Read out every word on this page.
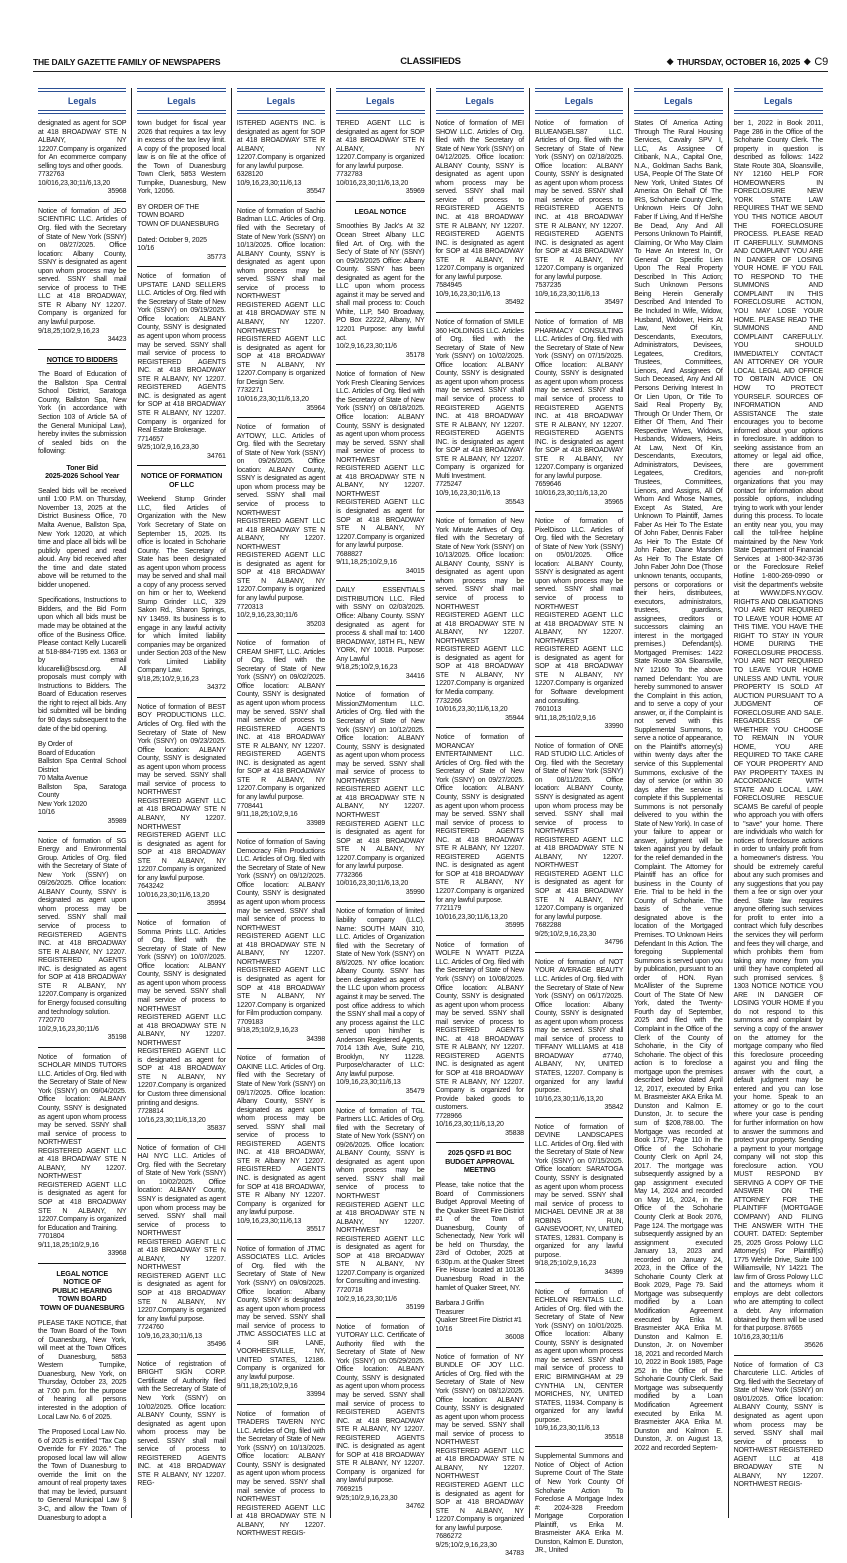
THE DAILY GAZETTE FAMILY OF NEWSPAPERS	CLASSIFIEDS	◆ THURSDAY, OCTOBER 16, 2025 ◆ C9
Legals

designated as agent for SOP at 418 BROADWAY STE N ALBANY, NY 12207.Company is organized for An ecommerce company selling toys and other goods.
7732763
10/016,23,30;11/6,13,20

35968

Notice of formation of JEO SCIENTIFIC LLC. Articles of Org. filed with the Secretary of State of New York (SSNY) on 08/27/2025. Office location: Albany County, SSNY is designated as agent upon whom process may be served. SSNY shall mail service of process to THE LLC at 418 BROADWAY, STE R Albany NY 12207. Company is organized for any lawful purpose.
9/18,25;10/2,9,16,23

34423
NOTICE TO BIDDERS

The Board of Education of the Ballston Spa Central School District, Saratoga County, Ballston Spa, New York (in accordance with Section 103 of Article 5A of the General Municipal Law), hereby invites the submission of sealed bids on the following:

Toner Bid
2025-2026 School Year

Sealed bids will be received until 1:00 P.M. on Thursday, November 13, 2025 at the District Business Office, 70 Malta Avenue, Ballston Spa, New York 12020, at which time and place all bids will be publicly opened and read aloud. Any bid received after the time and date stated above will be returned to the bidder unopened.

Specifications, Instructions to Bidders, and the Bid Form upon which all bids must be made may be obtained at the office of the Business Office. Please contact Kelly Lucarelli at 518-884-7195 ext. 1363 or by email klucarelli@bscsd.org. All proposals must comply with Instructions to Bidders. The Board of Education reserves the right to reject all bids. Any bid submitted will be binding for 90 days subsequent to the date of the bid opening.

By Order of
Board of Education
Ballston Spa Central School District
70 Malta Avenue
Ballston Spa, Saratoga County
New York 12020
10/16

35989

Notice of formation of SG Energy and Environmental Group. Articles of Org. filed with the Secretary of State of New York (SSNY) on 09/26/2025. Office location: ALBANY County, SSNY is designated as agent upon whom process may be served. SSNY shall mail service of process to REGISTERED AGENTS INC. at 418 BROADWAY STE R ALBANY, NY 12207. REGISTERED AGENTS INC. is designated as agent for SOP at 418 BROADWAY STE R ALBANY, NY 12207.Company is organized for Energy focused consulting and technology solution.
7720770
10/2,9,16,23,30;11/6

35198

Notice of formation of SCHOLAR MINDS TUTORS LLC. Articles of Org. filed with the Secretary of State of New York (SSNY) on 09/04/2025. Office location: ALBANY County, SSNY is designated as agent upon whom process may be served. SSNY shall mail service of process to NORTHWEST REGISTERED AGENT LLC at 418 BROADWAY STE N ALBANY, NY 12207. NORTHWEST REGISTERED AGENT LLC is designated as agent for SOP at 418 BROADWAY STE N ALBANY, NY 12207.Company is organized for Education and Training.
7701804
9/11,18,25;10/2,9,16

33968
LEGAL NOTICE
NOTICE OF
PUBLIC HEARING
TOWN BOARD
TOWN OF DUANESBURG

PLEASE TAKE NOTICE, that the Town Board of the Town of Duanesburg, New York, will meet at the Town Offices of Duanesburg, 5853 Western Turnpike, Duanesburg, New York, on Thursday, October 23, 2025 at 7:00 p.m. for the purpose of hearing all persons interested in the adoption of Local Law No. 6 of 2025.

The Proposed Local Law No. 6 of 2025 is entitled "Tax Cap Override for FY 2026." The proposed local law will allow the Town of Duanesburg to override the limit on the amount of real property taxes that may be levied, pursuant to General Municipal Law § 3-C, and allow the Town of Duanesburg to adopt a

Legals

town budget for fiscal year 2026 that requires a tax levy in excess of the tax levy limit. A copy of the proposed local law is on file at the office of the Town of Duanesburg Town Clerk, 5853 Western Turnpike, Duanesburg, New York, 12056.

BY ORDER OF THE
TOWN BOARD
TOWN OF DUANESBURG

Dated: October 9, 2025
10/16

35773

Notice of formation of UPSTATE LAND SELLERS LLC. Articles of Org. filed with the Secretary of State of New York (SSNY) on 09/19/2025. Office location: ALBANY County, SSNY is designated as agent upon whom process may be served. SSNY shall mail service of process to REGISTERED AGENTS INC. at 418 BROADWAY STE R ALBANY, NY 12207. REGISTERED AGENTS INC. is designated as agent for SOP at 418 BROADWAY STE R ALBANY, NY 12207. Company is organized for Real Estate Brokerage.
7714657
9/25;10/2,9,16,23,30

34761
NOTICE OF FORMATION
OF LLC

Weekend Stump Grinder LLC, filed Articles of Organization with the New York Secretary of State on September 15, 2025. Its office is located in Schoharie County. The Secretary of State has been designated as agent upon whom process may be served and shall mail a copy of any process served on him or her to, Weekend Stump Grinder LLC, 329 Sakon Rd., Sharon Springs, NY 13459. Its business is to engage in any lawful activity for which limited liability companies may be organized under Section 203 of the New York Limited Liability Company Law.
9/18,25;10/2,9,16,23

34372

Notice of formation of BEST BOY PRODUCTIONS LLC. Articles of Org. filed with the Secretary of State of New York (SSNY) on 09/23/2025. Office location: ALBANY County, SSNY is designated as agent upon whom process may be served. SSNY shall mail service of process to NORTHWEST REGISTERED AGENT LLC at 418 BROADWAY STE N ALBANY, NY 12207. NORTHWEST REGISTERED AGENT LLC is designated as agent for SOP at 418 BROADWAY STE N ALBANY, NY 12207.Company is organized for any lawful purpose.
7643242
10/016,23,30;11/6,13,20

35994

Notice of formation of Somma Prints LLC. Articles of Org. filed with the Secretary of State of New York (SSNY) on 10/07/2025. Office location: ALBANY County, SSNY is designated as agent upon whom process may be served. SSNY shall mail service of process to NORTHWEST REGISTERED AGENT LLC at 418 BROADWAY STE N ALBANY, NY 12207. NORTHWEST REGISTERED AGENT LLC is designated as agent for SOP at 418 BROADWAY STE N ALBANY, NY 12207.Company is organized for Custom three dimensional printing and designs.
7728814
10/16,23,30;11/6,13,20

35837

Notice of formation of CHI HAI NYC LLC. Articles of Org. filed with the Secretary of State of New York (SSNY) on 10/02/2025. Office location: ALBANY County, SSNY is designated as agent upon whom process may be served. SSNY shall mail service of process to NORTHWEST REGISTERED AGENT LLC at 418 BROADWAY STE N ALBANY, NY 12207. NORTHWEST REGISTERED AGENT LLC is designated as agent for SOP at 418 BROADWAY STE N ALBANY, NY 12207.Company is organized for any lawful purpose.
7724760
10/9,16,23,30;11/6,13

35496

Notice of registration of BRIGHT SIGN CORP. Certificate of Authority filed with the Secretary of State of New York (SSNY) on 10/02/2025. Office location: ALBANY County, SSNY is designated as agent upon whom process may be served. SSNY shall mail service of process to REGISTERED AGENTS INC. at 418 BROADWAY STE R ALBANY, NY 12207. REG-

Legals

ISTERED AGENTS INC. is designated as agent for SOP at 418 BROADWAY STE R ALBANY, NY 12207.Company is organized for any lawful purpose.
6328120
10/9,16,23,30;11/6,13

35547

Notice of formation of Sachio Badman LLC. Articles of Org. filed with the Secretary of State of New York (SSNY) on 10/13/2025. Office location: ALBANY County, SSNY is designated as agent upon whom process may be served. SSNY shall mail service of process to NORTHWEST REGISTERED AGENT LLC at 418 BROADWAY STE N ALBANY, NY 12207. NORTHWEST REGISTERED AGENT LLC is designated as agent for SOP at 418 BROADWAY STE N ALBANY, NY 12207.Company is organized for Design Serv.
7732271
10/016,23,30;11/6,13,20

35964

Notice of formation of AYTOWY, LLC. Articles of Org. filed with the Secretary of State of New York (SSNY) on 09/26/2025. Office location: ALBANY County, SSNY is designated as agent upon whom process may be served. SSNY shall mail service of process to NORTHWEST REGISTERED AGENT LLC at 418 BROADWAY STE N ALBANY, NY 12207. NORTHWEST REGISTERED AGENT LLC is designated as agent for SOP at 418 BROADWAY STE N ALBANY, NY 12207.Company is organized for any lawful purpose.
7720313
10/2,9,16,23,30;11/6

35203

Notice of formation of CREAM SHIFT, LLC. Articles of Org. filed with the Secretary of State of New York (SSNY) on 09/02/2025. Office location: ALBANY County, SSNY is designated as agent upon whom process may be served. SSNY shall mail service of process to REGISTERED AGENTS INC. at 418 BROADWAY STE R ALBANY, NY 12207. REGISTERED AGENTS INC. is designated as agent for SOP at 418 BROADWAY STE R ALBANY, NY 12207.Company is organized for any lawful purpose.
7708441
9/11,18,25;10/2,9,16

33989

Notice of formation of Saving Democracy Film Productions LLC. Articles of Org. filed with the Secretary of State of New York (SSNY) on 09/12/2025. Office location: ALBANY County, SSNY is designated as agent upon whom process may be served. SSNY shall mail service of process to NORTHWEST REGISTERED AGENT LLC at 418 BROADWAY STE N ALBANY, NY 12207. NORTHWEST REGISTERED AGENT LLC is designated as agent for SOP at 418 BROADWAY STE N ALBANY, NY 12207.Company is organized for Film production company.
7709183
9/18,25;10/2,9,16,23

34398

Notice of formation of OAKINE LLC. Articles of Org. filed with the Secretary of State of New York (SSNY) on 09/17/2025. Office location: Albany County, SSNY is designated as agent upon whom process may be served. SSNY shall mail service of process to REGISTERED AGENTS INC. at 418 BROADWAY, STE R Albany NY 12207. REGISTERED AGENTS INC. is designated as agent for SOP at 418 BROADWAY, STE R Albany NY 12207. Company is organized for any lawful purpose.
10/9,16,23,30;11/6,13

35517

Notice of formation of JTMC ASSOCIATES LLC. Articles of Org. filed with the Secretary of State of New York (SSNY) on 09/09/2025. Office location: Albany County, SSNY is designated as agent upon whom process may be served. SSNY shall mail service of process to JTMC ASSOCIATES LLC at 4 SIR LANE, VOORHEESVILLE, NY, UNITED STATES, 12186. Company is organized for any lawful purpose.
9/11,18,25;10/2,9,16

33994

Notice of formation of TRADERS TAVERN NYC LLC. Articles of Org. filed with the Secretary of State of New York (SSNY) on 10/13/2025. Office location: ALBANY County, SSNY is designated as agent upon whom process may be served. SSNY shall mail service of process to NORTHWEST REGISTERED AGENT LLC at 418 BROADWAY STE N ALBANY, NY 12207. NORTHWEST REGIS-

Legals

TERED AGENT LLC is designated as agent for SOP at 418 BROADWAY STE N ALBANY, NY 12207.Company is organized for any lawful purpose.
7732783
10/016,23,30;11/6,13,20

35969
LEGAL NOTICE

Smoothies By Jack's At 32 Ocean Street Albany LLC filed Art. of Org. with the Sec'y of State of NY (SSNY) on 09/26/2025 Office: Albany County. SSNY has been designated as agent for the LLC upon whom process against it may be served and shall mail process to: Couch White, LLP, 540 Broadway, PO Box 22222, Albany, NY 12201 Purpose: any lawful act.
10/2,9,16,23,30;11/6

35178

Notice of formation of New York Fresh Cleaning Services LLC. Articles of Org. filed with the Secretary of State of New York (SSNY) on 08/18/2025. Office location: ALBANY County, SSNY is designated as agent upon whom process may be served. SSNY shall mail service of process to NORTHWEST REGISTERED AGENT LLC at 418 BROADWAY STE N ALBANY, NY 12207. NORTHWEST REGISTERED AGENT LLC is designated as agent for SOP at 418 BROADWAY STE N ALBANY, NY 12207.Company is organized for any lawful purpose.
7688827
9/11,18,25;10/2,9,16

34015

DAILY ESSENTIALS DISTRIBUTION LLC. Filed with SSNY on 02/03/2025. Office: Albany County. SSNY designated as agent for process & shall mail to: 1400 BROADWAY, 18TH FL, NEW YORK, NY 10018. Purpose: Any Lawful
9/18,25;10/2,9,16,23

34416

Notice of formation of MissionZMomentum LLC. Articles of Org. filed with the Secretary of State of New York (SSNY) on 10/12/2025. Office location: ALBANY County, SSNY is designated as agent upon whom process may be served. SSNY shall mail service of process to NORTHWEST REGISTERED AGENT LLC at 418 BROADWAY STE N ALBANY, NY 12207. NORTHWEST REGISTERED AGENT LLC is designated as agent for SOP at 418 BROADWAY STE N ALBANY, NY 12207.Company is organized for any lawful purpose.
7732366
10/016,23,30;11/6,13,20

35990

Notice of formation of limited liability company (LLC). Name: SOUTH MAIN 310, LLC. Articles of Organization filed with the Secretary of State of New York (SSNY) on 8/6/2025. NY office location: Albany County. SSNY has been designated as agent of the LLC upon whom process against it may be served. The post office address to which the SSNY shall mail a copy of any process against the LLC served upon him/her is Anderson Registered Agents, 7014 13th Ave, Suite 210, Brooklyn, NY 11228. Purpose/character of LLC: Any lawful purpose.
10/9,16,23,30;11/6,13

35479

Notice of formation of TGL Partners LLC. Articles of Org. filed with the Secretary of State of New York (SSNY) on 09/26/2025. Office location: ALBANY County, SSNY is designated as agent upon whom process may be served. SSNY shall mail service of process to NORTHWEST REGISTERED AGENT LLC at 418 BROADWAY STE N ALBANY, NY 12207. NORTHWEST REGISTERED AGENT LLC is designated as agent for SOP at 418 BROADWAY STE N ALBANY, NY 12207.Company is organized for Consulting and investing.
7720718
10/2,9,16,23,30;11/6

35199

Notice of formation of YUTORAY LLC. Certificate of Authority filed with the Secretary of State of New York (SSNY) on 05/29/2025. Office location: ALBANY County, SSNY is designated as agent upon whom process may be served. SSNY shall mail service of process to REGISTERED AGENTS INC. at 418 BROADWAY STE R ALBANY, NY 12207. REGISTERED AGENTS INC. is designated as agent for SOP at 418 BROADWAY STE R ALBANY, NY 12207. Company is organized for any lawful purpose.
7669215
9/25;10/2,9,16,23,30

34762
Legals

Notice of formation of MEI SHOW LLC. Articles of Org. filed with the Secretary of State of New York (SSNY) on 04/12/2025. Office location: ALBANY County, SSNY is designated as agent upon whom process may be served. SSNY shall mail service of process to REGISTERED AGENTS INC. at 418 BROADWAY STE R ALBANY, NY 12207. REGISTERED AGENTS INC. is designated as agent for SOP at 418 BROADWAY STE R ALBANY, NY 12207.Company is organized for any lawful purpose.
7584945
10/9,16,23,30;11/6,13

35492

Notice of formation of SMILE 360 HOLDINGS LLC. Articles of Org. filed with the Secretary of State of New York (SSNY) on 10/02/2025. Office location: ALBANY County, SSNY is designated as agent upon whom process may be served. SSNY shall mail service of process to REGISTERED AGENTS INC. at 418 BROADWAY STE R ALBANY, NY 12207. REGISTERED AGENTS INC. is designated as agent for SOP at 418 BROADWAY STE R ALBANY, NY 12207. Company is organized for Multi Investment.
7725247
10/9,16,23,30;11/6,13

35543

Notice of formation of New York Minute Artives of Org. filed with the Secretary of State of New York (SSNY) on 10/13/2025. Office location: ALBANY County, SSNY is designated as agent upon whom process may be served. SSNY shall mail service of process to NORTHWEST REGISTERED AGENT LLC at 418 BROADWAY STE N ALBANY, NY 12207. NORTHWEST REGISTERED AGENT LLC is designated as agent for SOP at 418 BROADWAY STE N ALBANY, NY 12207.Company is organized for Media company.
7732266
10/016,23,30;11/6,13,20

35944

Notice of formation of MORANCAY ENTERTAINMENT LLC. Articles of Org. filed with the Secretary of State of New York (SSNY) on 09/27/2025. Office location: ALBANY County, SSNY is designated as agent upon whom process may be served. SSNY shall mail service of process to REGISTERED AGENTS INC. at 418 BROADWAY STE R ALBANY, NY 12207. REGISTERED AGENTS INC. is designated as agent for SOP at 418 BROADWAY STE R ALBANY, NY 12207.Company is organized for any lawful purpose.
7721179
10/016,23,30;11/6,13,20

35995

Notice of formation of WOLFE N WYATT PIZZA LLC. Articles of Org. filed with the Secretary of State of New York (SSNY) on 10/08/2025. Office location: ALBANY County, SSNY is designated as agent upon whom process may be served. SSNY shall mail service of process to REGISTERED AGENTS INC. at 418 BROADWAY STE R ALBANY, NY 12207. REGISTERED AGENTS INC. is designated as agent for SOP at 418 BROADWAY STE R ALBANY, NY 12207. Company is organized for Provide baked goods to customers.
7728966
10/16,23,30;11/6,13,20

35838
2025 QSFD #1 BOC
BUDGET APPROVAL
MEETING

Please, take notice that the Board of Commissioners Budget Approval Meeting of the Quaker Street Fire District #1 of the Town of Duanesburg, County of Schenectady, New York will be held on Thursday, the 23rd of October, 2025 at 6:30p.m. at the Quaker Street Fire House located at 10136 Duanesburg Road in the hamlet of Quaker Street, NY.

Barbara J Griffin
Treasurer
Quaker Street Fire District #1
10/16

36008

Notice of formation of NY BUNDLE OF JOY LLC. Articles of Org. filed with the Secretary of State of New York (SSNY) on 08/12/2025. Office location: ALBANY County, SSNY is designated as agent upon whom process may be served. SSNY shall mail service of process to NORTHWEST REGISTERED AGENT LLC at 418 BROADWAY STE N ALBANY, NY 12207. NORTHWEST REGISTERED AGENT LLC is designated as agent for SOP at 418 BROADWAY STE N ALBANY, NY 12207.Company is organized for any lawful purpose.
7686272
9/25;10/2,9,16,23,30

34783
Legals

Notice of formation of BLUEANGELS87 LLC. Articles of Org. filed with the Secretary of State of New York (SSNY) on 02/18/2025. Office location: ALBANY County, SSNY is designated as agent upon whom process may be served. SSNY shall mail service of process to REGISTERED AGENTS INC. at 418 BROADWAY STE R ALBANY, NY 12207. REGISTERED AGENTS INC. is designated as agent for SOP at 418 BROADWAY STE R ALBANY, NY 12207.Company is organized for any lawful purpose.
7537235
10/9,16,23,30;11/6,13

35497

Notice of formation of MB PHARMACY CONSULTING LLC. Articles of Org. filed with the Secretary of State of New York (SSNY) on 07/15/2025. Office location: ALBANY County, SSNY is designated as agent upon whom process may be served. SSNY shall mail service of process to REGISTERED AGENTS INC. at 418 BROADWAY STE R ALBANY, NY 12207. REGISTERED AGENTS INC. is designated as agent for SOP at 418 BROADWAY STE R ALBANY, NY 12207.Company is organized for any lawful purpose.
7659646
10/016,23,30;11/6,13,20

35965

Notice of formation of PixelDisco LLC. Articles of Org. filed with the Secretary of State of New York (SSNY) on 05/01/2025. Office location: ALBANY County, SSNY is designated as agent upon whom process may be served. SSNY shall mail service of process to NORTHWEST REGISTERED AGENT LLC at 418 BROADWAY STE N ALBANY, NY 12207. NORTHWEST REGISTERED AGENT LLC is designated as agent for SOP at 418 BROADWAY STE N ALBANY, NY 12207.Company is organized for Software development and consulting.
7601013
9/11,18,25;10/2,9,16

33990

Notice of formation of ONE RAD STUDIO LLC. Articles of Org. filed with the Secretary of State of New York (SSNY) on 08/11/2025. Office location: ALBANY County, SSNY is designated as agent upon whom process may be served. SSNY shall mail service of process to NORTHWEST REGISTERED AGENT LLC at 418 BROADWAY STE N ALBANY, NY 12207. NORTHWEST REGISTERED AGENT LLC is designated as agent for SOP at 418 BROADWAY STE N ALBANY, NY 12207.Company is organized for any lawful purpose.
7682288
9/25;10/2,9,16,23,30

34796

Notice of formation of NOT YOUR AVERAGE BEAUTY LLC. Articles of Org. filed with the Secretary of State of New York (SSNY) on 06/17/2025. Office location: Albany County, SSNY is designated as agent upon whom process may be served. SSNY shall mail service of process to TIFFANY WILLIAMS at 418 BROADWAY #7740, ALBANY, NY, UNITED STATES, 12207. Company is organized for any lawful purpose.
10/16,23,30;11/6,13,20

35842

Notice of formation of DEVINE LANDSCAPES LLC. Articles of Org. filed with the Secretary of State of New York (SSNY) on 07/15/2025. Office location: SARATOGA County, SSNY is designated as agent upon whom process may be served. SSNY shall mail service of process to MICHAEL DEVINE JR at 38 ROBINS RUN, GANSEVOORT, NY, UNITED STATES, 12831. Company is organized for any lawful purpose.
9/18,25;10/2,9,16,23

34399

Notice of formation of ECHELON RENTALS LLC. Articles of Org. filed with the Secretary of State of New York (SSNY) on 10/01/2025. Office location: Albany County, SSNY is designated as agent upon whom process may be served. SSNY shall mail service of process to ERIC BIRMINGHAM at 29 CYNTHIA LN, CENTER MORICHES, NY, UNITED STATES, 11934. Company is organized for any lawful purpose.
10/9,16,23,30;11/6,13

35518

Supplemental Summons and Notice of Object of Action Supreme Court of The State of New York County Of Schoharie Action To Foreclose A Mortgage Index #: 2024-328 Freedom Mortgage Corporation Plaintiff, vs Erika M. Brasmeister AKA Erika M. Dunston, Kalmon E. Dunston, JR., United

Legals

States Of America Acting Through The Rural Housing Services, Cavalry SPV I, LLC, As Assignee Of Citibank, N.A., Capital One, N.A., Goldman Sachs Bank, USA, People Of The State Of New York, United States Of America On Behalf Of The IRS, Schoharie County Clerk, Unknown Heirs Of John Faber If Living, And If He/She Be Dead, Any And All Persons Unknown To Plaintiff, Claiming, Or Who May Claim To Have An Interest In, Or General Or Specific Lien Upon The Real Property Described In This Action; Such Unknown Persons Being Herein Generally Described And Intended To Be Included In Wife, Widow, Husband, Widower, Heirs At Law, Next Of Kin, Descendants, Executors, Administrators, Devisees, Legatees, Creditors, Trustees, Committees, Lienors, And Assignees Of Such Deceased, Any And All Persons Deriving Interest In Or Lien Upon, Or Title To Said Real Property By, Through Or Under Them, Or Either Of Them, And Their Respective Wives, Widows, Husbands, Widowers, Heirs At Law, Next Of Kin, Descendants, Executors, Administrators, Devisees, Legatees, Creditors, Trustees, Committees, Lienors, and Assigns, All Of Whom And Whose Names, Except As Stated, Are Unknown To Plaintiff, James Faber As Heir To The Estate Of John Faber, Dennis Faber As Heir To The Estate Of John Faber, Diane Marsden As Heir To The Estate Of John Faber John Doe (Those unknown tenants, occupants, persons or corporations or their heirs, distributees, executors, administrators, trustees, guardians, assignees, creditors or successors claiming an interest in the mortgaged premises.) Defendant(s). Mortgaged Premises: 1422 State Route 30A Sloansville, NY 12160 To the above named Defendant: You are hereby summoned to answer the Complaint in this action, and to serve a copy of your answer, or, if the Complaint is not served with this Supplemental Summons, to serve a notice of appearance, on the Plaintiff's attorney(s) within twenty days after the service of this Supplemental Summons, exclusive of the day of service (or within 30 days after the service is complete if this Supplemental Summons is not personally delivered to you within the State of New York). In case of your failure to appear or answer, judgment will be taken against you by default for the relief demanded in the Complaint. The Attorney for Plaintiff has an office for business in the County of Erie. Trial to be held in the County of Schoharie. The basis of the venue designated above is the location of the Mortgaged Premises. TO Unknown Heirs Defendant In this Action. The foregoing Supplemental Summons is served upon you by publication, pursuant to an order of HON. Ryan McAllister of the Supreme Court of The State Of New York, dated the Twenty-Fourth day of September, 2025 and filed with the Complaint in the Office of the Clerk of the County of Schoharie, in the City of Schoharie. The object of this action is to foreclose a mortgage upon the premises described below dated April 12, 2017, executed by Erika M. Brasmeister AKA Erika M. Dunston and Kalmon E. Dunston, Jr. to secure the sum of $208,788.00. The Mortgage was recorded at Book 1757, Page 110 in the Office of the Schoharie County Clerk on April 24, 2017. The mortgage was subsequently assigned by a gap assignment executed May 14, 2024 and recorded on May 16, 2024, in the Office of the Schoharie County Clerk at Book 2076, Page 124. The mortgage was subsequently assigned by an assignment executed January 13, 2023 and recorded on January 24, 2023, in the Office of the Schoharie County Clerk at Book 2029, Page 79. Said Mortgage was subsequently modified by a Loan Modification Agreement executed by Erika M. Brasmeister AKA Erika M. Dunston and Kalmon E. Dunston, Jr. on November 18, 2021 and recorded March 10, 2022 in Book 1985, Page 252 in the Office of the Schoharie County Clerk. Said Mortgage was subsequently modified by a Loan Modification Agreement executed by Erika M. Brasmeister AKA Erika M. Dunston and Kalmon E. Dunston, Jr. on August 13, 2022 and recorded Septem-

Legals

ber 1, 2022 in Book 2011, Page 286 in the Office of the Schoharie County Clerk. The property in question is described as follows: 1422 State Route 30A, Sloansville, NY 12160 HELP FOR HOMEOWNERS IN FORECLOSURE NEW YORK STATE LAW REQUIRES THAT WE SEND YOU THIS NOTICE ABOUT THE FORECLOSURE PROCESS. PLEASE READ IT CAREFULLY. SUMMONS AND COMPLAINT YOU ARE IN DANGER OF LOSING YOUR HOME. IF YOU FAIL TO RESPOND TO THE SUMMONS AND COMPLAINT IN THIS FORECLOSURE ACTION, YOU MAY LOSE YOUR HOME. PLEASE READ THE SUMMONS AND COMPLAINT CAREFULLY. YOU SHOULD IMMEDIATELY CONTACT AN ATTORNEY OR YOUR LOCAL LEGAL AID OFFICE TO OBTAIN ADVICE ON HOW TO PROTECT YOURSELF. SOURCES OF INFORMATION AND ASSISTANCE The state encourages you to become informed about your options in foreclosure. In addition to seeking assistance from an attorney or legal aid office, there are government agencies and non-profit organizations that you may contact for information about possible options, including trying to work with your lender during this process. To locate an entity near you, you may call the toll-free helpline maintained by the New York State Department of Financial Services at 1-800-342-3736 or the Foreclosure Relief Hotline 1-800-269-0990 or visit the department's website at WWW.DFS.NY.GOV. RIGHTS AND OBLIGATIONS YOU ARE NOT REQUIRED TO LEAVE YOUR HOME AT THIS TIME. YOU HAVE THE RIGHT TO STAY IN YOUR HOME DURING THE FORECLOSURE PROCESS. YOU ARE NOT REQUIRED TO LEAVE YOUR HOME UNLESS AND UNTIL YOUR PROPERTY IS SOLD AT AUCTION PURSUANT TO A JUDGMENT OF FORECLOSURE AND SALE. REGARDLESS OF WHETHER YOU CHOOSE TO REMAIN IN YOUR HOME, YOU ARE REQUIRED TO TAKE CARE OF YOUR PROPERTY AND PAY PROPERTY TAXES IN ACCORDANCE WITH STATE AND LOCAL LAW. FORECLOSURE RESCUE SCAMS Be careful of people who approach you with offers to "save" your home. There are individuals who watch for notices of foreclosure actions in order to unfairly profit from a homeowner's distress. You should be extremely careful about any such promises and any suggestions that you pay them a fee or sign over your deed. State law requires anyone offering such services for profit to enter into a contract which fully describes the services they will perform and fees they will charge, and which prohibits them from taking any money from you until they have completed all such promised services. § 1303 NOTICE NOTICE YOU ARE IN DANGER OF LOSING YOUR HOME If you do not respond to this summons and complaint by serving a copy of the answer on the attorney for the mortgage company who filed this foreclosure proceeding against you and filing the answer with the court, a default judgment may be entered and you can lose your home. Speak to an attorney or go to the court where your case is pending for further information on how to answer the summons and protect your property. Sending a payment to your mortgage company will not stop this foreclosure action. YOU MUST RESPOND BY SERVING A COPY OF THE ANSWER ON THE ATTORNEY FOR THE PLAINTIFF (MORTGAGE COMPANY) AND FILING THE ANSWER WITH THE COURT. DATED: September 25, 2025 Gross Polowy LLC Attorney(s) For Plaintiff(s) 1775 Wehrle Drive, Suite 100 Williamsville, NY 14221 The law firm of Gross Polowy LLC and the attorneys whom it employs are debt collectors who are attempting to collect a debt. Any information obtained by them will be used for that purpose. 87665
10/16,23,30;11/6

35626

Notice of formation of C3 Charcuterie LLC. Articles of Org. filed with the Secretary of State of New York (SSNY) on 08/01/2025. Office location: ALBANY County, SSNY is designated as agent upon whom process may be served. SSNY shall mail service of process to NORTHWEST REGISTERED AGENT LLC at 418 BROADWAY STE N ALBANY, NY 12207. NORTHWEST REGIS-
